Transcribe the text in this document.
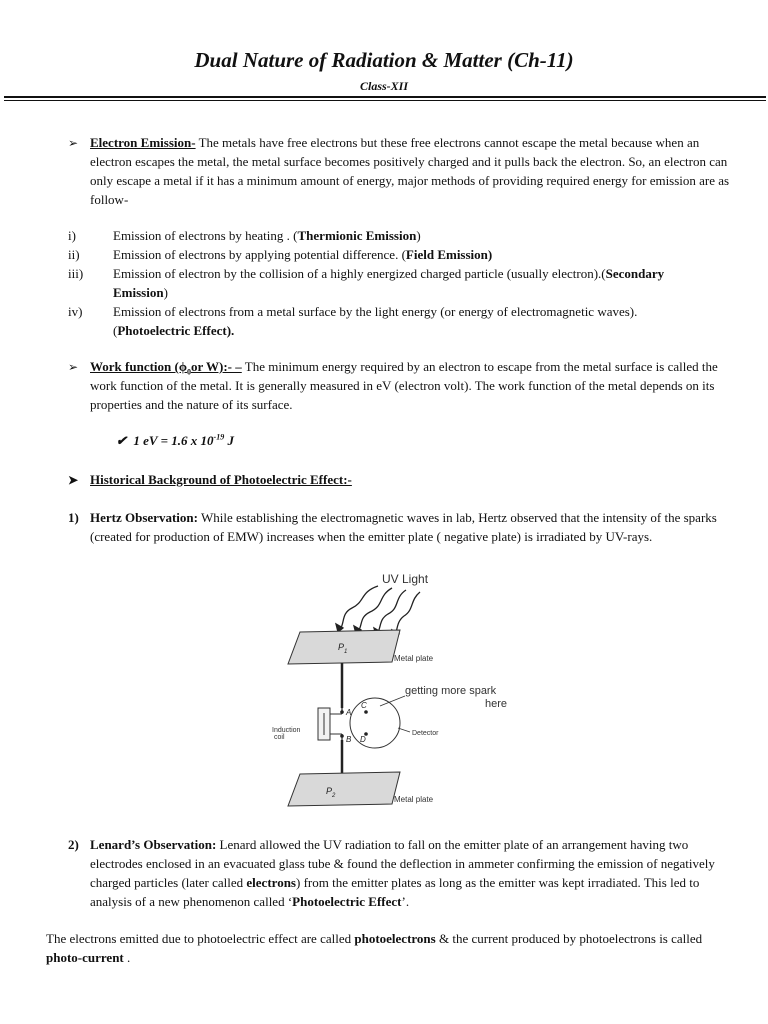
Dual Nature of Radiation & Matter (Ch-11)
Class-XII
➢ Electron Emission- The metals have free electrons but these free electrons cannot escape the metal because when an electron escapes the metal, the metal surface becomes positively charged and it pulls back the electron. So, an electron can only escape a metal if it has a minimum amount of energy, major methods of providing required energy for emission are as follow-
i)	Emission of electrons by heating . (Thermionic Emission)
ii)	Emission of electrons by applying potential difference. (Field Emission)
iii) Emission of electron by the collision of a highly energized charged particle (usually electron).(Secondary Emission)
iv) Emission of electrons from a metal surface by the light energy (or energy of electromagnetic waves). (Photoelectric Effect).
➢ Work function ($\phi_0or$ W):- – The minimum energy required by an electron to escape from the metal surface is called the work function of the metal. It is generally measured in eV (electron volt). The work function of the metal depends on its properties and the nature of its surface.
✔ 1 eV = 1.6 x $10^{-19}$ J
➤ Historical Background of Photoelectric Effect:-
1) Hertz Observation: While establishing the electromagnetic waves in lab, Hertz observed that the intensity of the sparks (created for production of EMW) increases when the emitter plate ( negative plate) is irradiated by UV-rays.
UV Light
$P_1$
Metal plate
A
B
Induction
coil
C
D
Detector
getting more spark
here
$P_2$	Metal plate
2) Lenard’s Observation: Lenard allowed the UV radiation to fall on the emitter plate of an arrangement having two electrodes enclosed in an evacuated glass tube & found the deflection in ammeter confirming the emission of negatively charged particles (later called electrons) from the emitter plates as long as the emitter was kept irradiated. This led to analysis of a new phenomenon called ‘Photoelectric Effect’.
The electrons emitted due to photoelectric effect are called photoelectrons & the current produced by photoelectrons is called photo-current .
